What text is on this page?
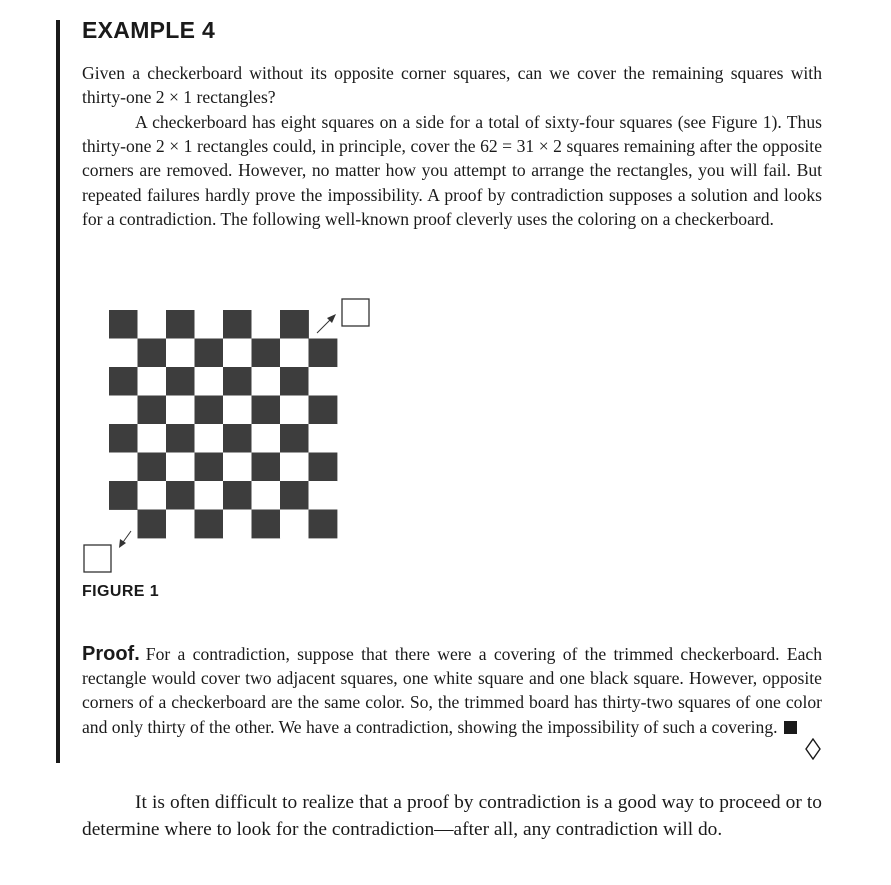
EXAMPLE 4

Given a checkerboard without its opposite corner squares, can we cover the remaining squares with thirty-one 2 × 1 rectangles?

A checkerboard has eight squares on a side for a total of sixty-four squares (see Figure 1). Thus thirty-one 2 × 1 rectangles could, in principle, cover the 62 = 31 × 2 squares remaining after the opposite corners are removed. However, no matter how you attempt to arrange the rectangles, you will fail. But repeated failures hardly prove the impossibility. A proof by contradiction supposes a solution and looks for a contradiction. The following well-known proof cleverly uses the coloring on a checkerboard.

FIGURE 1

Proof. For a contradiction, suppose that there were a covering of the trimmed checkerboard. Each rectangle would cover two adjacent squares, one white square and one black square. However, opposite corners of a checkerboard are the same color. So, the trimmed board has thirty-two squares of one color and only thirty of the other. We have a contradiction, showing the impossibility of such a covering.

It is often difficult to realize that a proof by contradiction is a good way to proceed or to determine where to look for the contradiction—after all, any contradiction will do.
